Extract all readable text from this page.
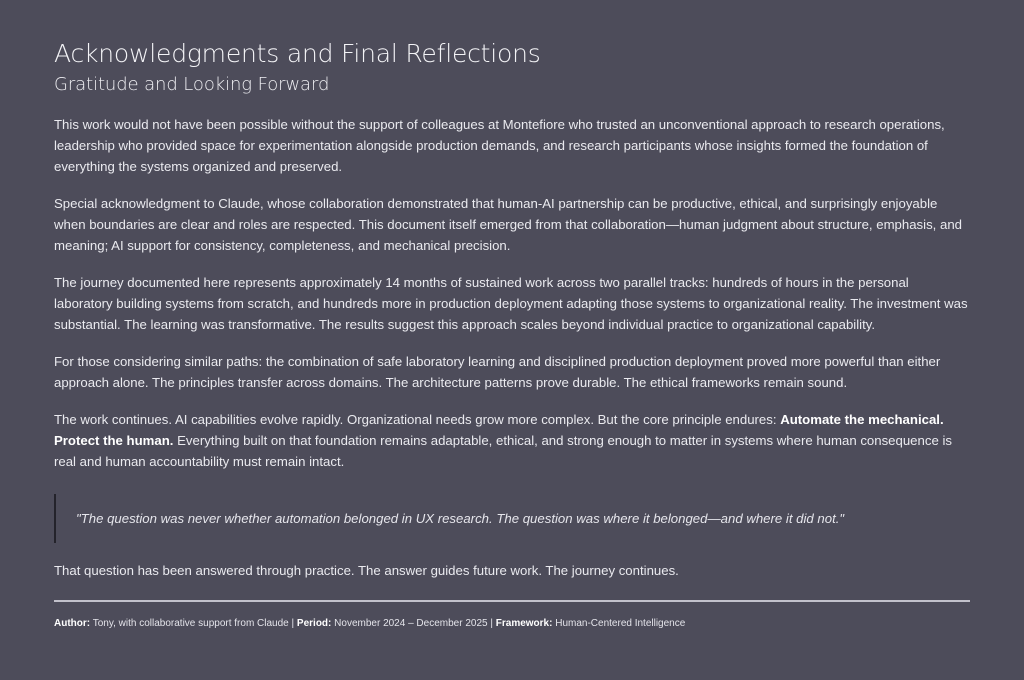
Acknowledgments and Final Reflections
Gratitude and Looking Forward

This work would not have been possible without the support of colleagues at Montefiore who trusted an unconventional approach to research operations, leadership who provided space for experimentation alongside production demands, and research participants whose insights formed the foundation of everything the systems organized and preserved.

Special acknowledgment to Claude, whose collaboration demonstrated that human-AI partnership can be productive, ethical, and surprisingly enjoyable when boundaries are clear and roles are respected. This document itself emerged from that collaboration—human judgment about structure, emphasis, and meaning; AI support for consistency, completeness, and mechanical precision.

The journey documented here represents approximately 14 months of sustained work across two parallel tracks: hundreds of hours in the personal laboratory building systems from scratch, and hundreds more in production deployment adapting those systems to organizational reality. The investment was substantial. The learning was transformative. The results suggest this approach scales beyond individual practice to organizational capability.

For those considering similar paths: the combination of safe laboratory learning and disciplined production deployment proved more powerful than either approach alone. The principles transfer across domains. The architecture patterns prove durable. The ethical frameworks remain sound.

The work continues. AI capabilities evolve rapidly. Organizational needs grow more complex. But the core principle endures: Automate the mechanical. Protect the human. Everything built on that foundation remains adaptable, ethical, and strong enough to matter in systems where human consequence is real and human accountability must remain intact.

"The question was never whether automation belonged in UX research. The question was where it belonged—and where it did not."

That question has been answered through practice. The answer guides future work. The journey continues.

Author: Tony, with collaborative support from Claude | Period: November 2024 – December 2025 | Framework: Human-Centered Intelligence
